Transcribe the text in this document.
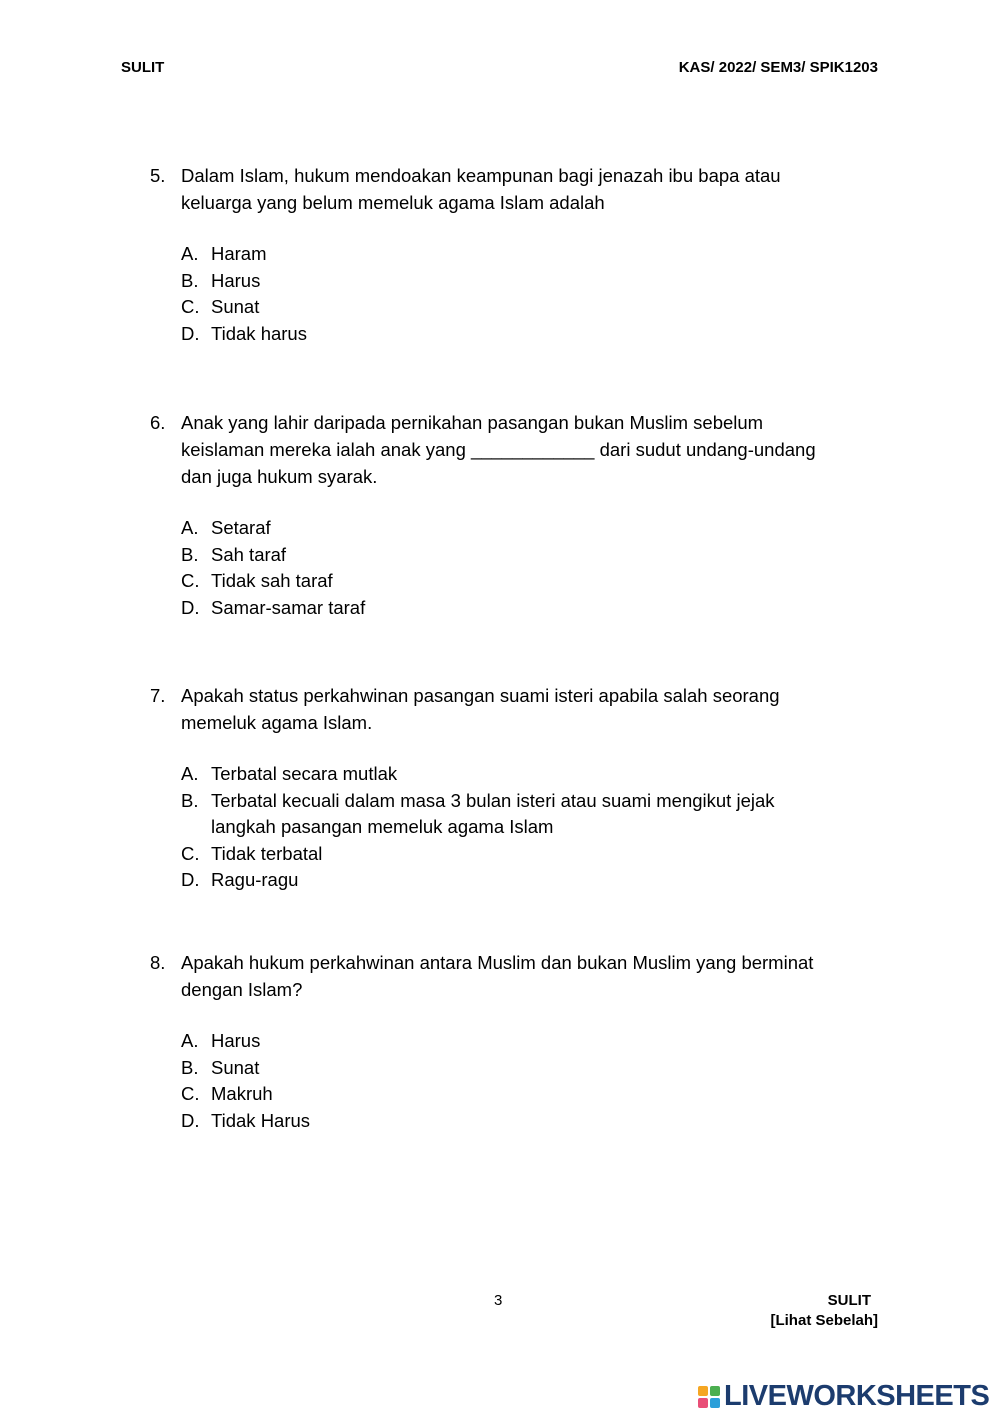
SULIT	KAS/ 2022/ SEM3/ SPIK1203
5. Dalam Islam, hukum mendoakan keampunan bagi jenazah ibu bapa atau
keluarga yang belum memeluk agama Islam adalah
A. Haram
B. Harus
C. Sunat
D. Tidak harus
6. Anak yang lahir daripada pernikahan pasangan bukan Muslim sebelum
keislaman mereka ialah anak yang ____________ dari sudut undang-undang
dan juga hukum syarak.
A. Setaraf
B. Sah taraf
C. Tidak sah taraf
D. Samar-samar taraf
7. Apakah status perkahwinan pasangan suami isteri apabila salah seorang
memeluk agama Islam.
A. Terbatal secara mutlak
B. Terbatal kecuali dalam masa 3 bulan isteri atau suami mengikut jejak
langkah pasangan memeluk agama Islam
C. Tidak terbatal
D. Ragu-ragu
8. Apakah hukum perkahwinan antara Muslim dan bukan Muslim yang berminat
dengan Islam?
A. Harus
B. Sunat
C. Makruh
D. Tidak Harus
3	SULIT
[Lihat Sebelah]
LIVEWORKSHEETS
